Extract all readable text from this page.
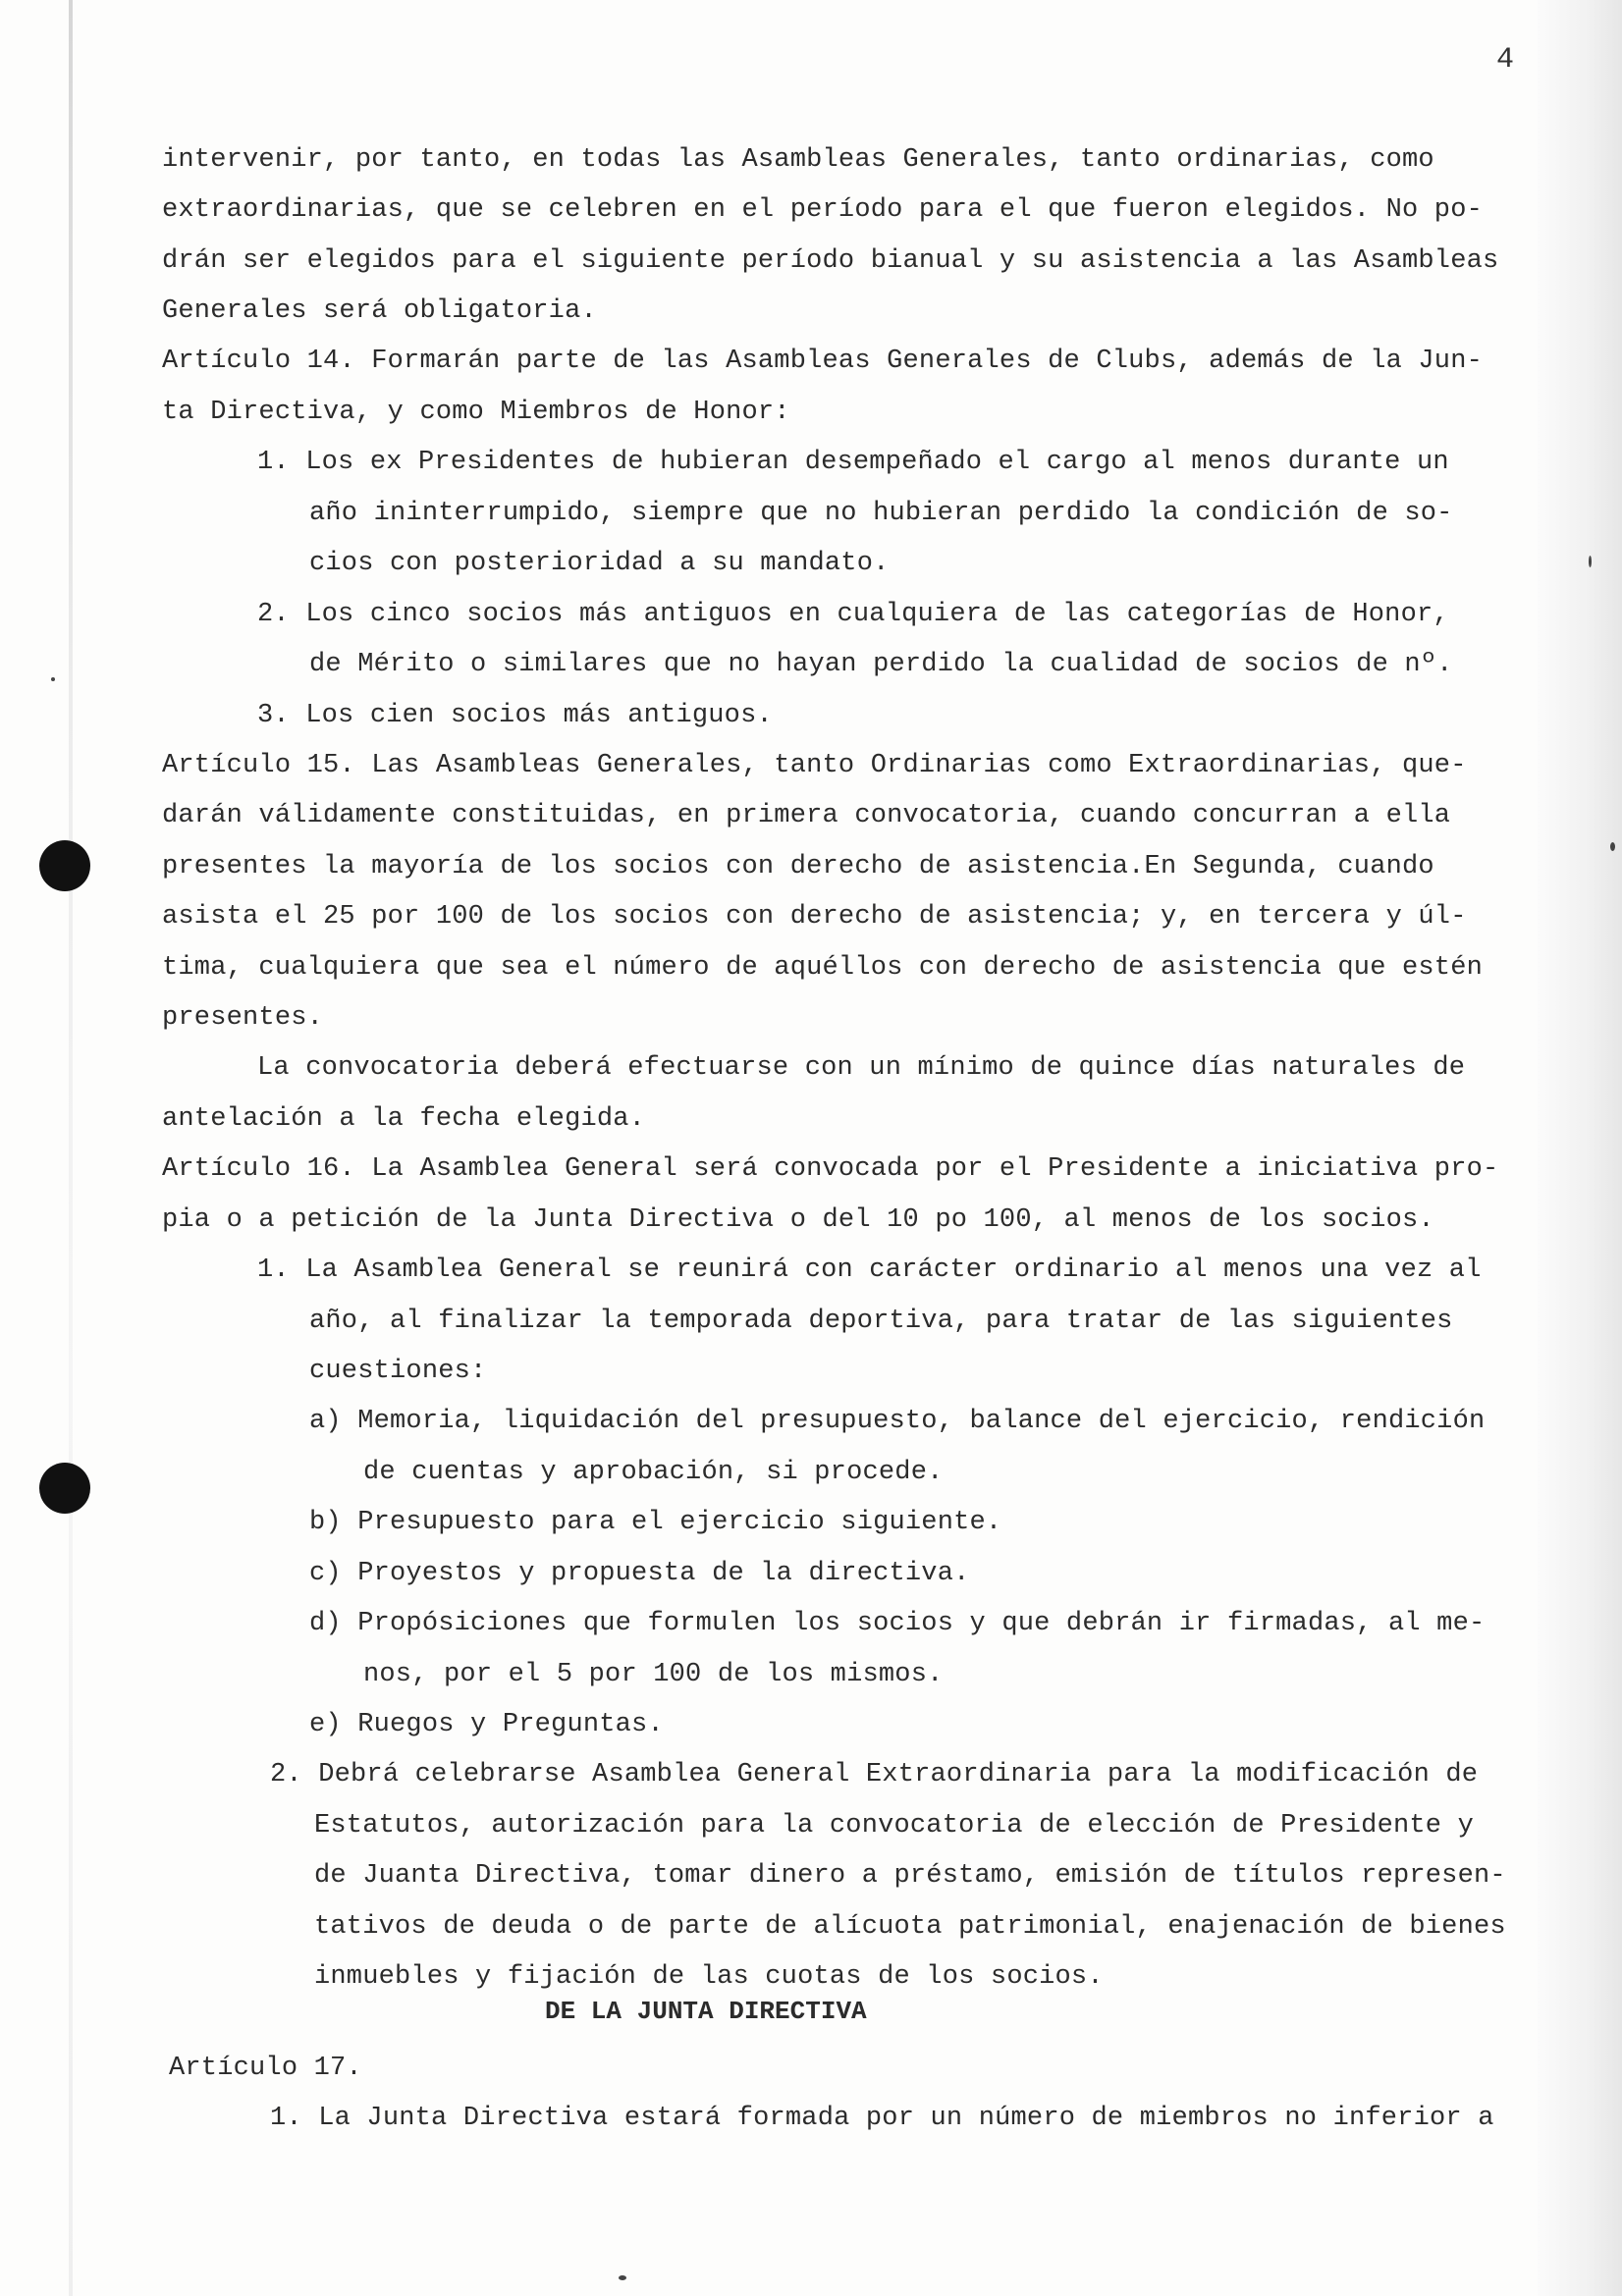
4
intervenir, por tanto, en todas las Asambleas Generales, tanto ordinarias, como
extraordinarias, que se celebren en el período para el que fueron elegidos. No po-
drán ser elegidos para el siguiente período bianual y su asistencia a las Asambleas
Generales será obligatoria.
Artículo 14. Formarán parte de las Asambleas Generales de Clubs, además de la Jun-
ta Directiva, y como Miembros de Honor:
1. Los ex Presidentes de hubieran desempeñado el cargo al menos durante un
año ininterrumpido, siempre que no hubieran perdido la condición de so-
cios con posterioridad a su mandato.
2. Los cinco socios más antiguos en cualquiera de las categorías de Honor,
de Mérito o similares que no hayan perdido la cualidad de socios de nº.
3. Los cien socios más antiguos.
Artículo 15. Las Asambleas Generales, tanto Ordinarias como Extraordinarias, que-
darán válidamente constituidas, en primera convocatoria, cuando concurran a ella
presentes la mayoría de los socios con derecho de asistencia.En Segunda, cuando
asista el 25 por 100 de los socios con derecho de asistencia; y, en tercera y úl-
tima, cualquiera que sea el número de aquéllos con derecho de asistencia que estén
presentes.
La convocatoria deberá efectuarse con un mínimo de quince días naturales de
antelación a la fecha elegida.
Artículo 16. La Asamblea General será convocada por el Presidente a iniciativa pro-
pia o a petición de la Junta Directiva o del 10 po 100, al menos de los socios.
1. La Asamblea General se reunirá con carácter ordinario al menos una vez al
año, al finalizar la temporada deportiva, para tratar de las siguientes
cuestiones:
a) Memoria, liquidación del presupuesto, balance del ejercicio, rendición
de cuentas y aprobación, si procede.
b) Presupuesto para el ejercicio siguiente.
c) Proyestos y propuesta de la directiva.
d) Propósiciones que formulen los socios y que debrán ir firmadas, al me-
nos, por el 5 por 100 de los mismos.
e) Ruegos y Preguntas.
2. Debrá celebrarse Asamblea General Extraordinaria para la modificación de
Estatutos, autorización para la convocatoria de elección de Presidente y
de Juanta Directiva, tomar dinero a préstamo, emisión de títulos represen-
tativos de deuda o de parte de alícuota patrimonial, enajenación de bienes
inmuebles y fijación de las cuotas de los socios.
DE LA JUNTA DIRECTIVA
Artículo 17.
1. La Junta Directiva estará formada por un número de miembros no inferior a
